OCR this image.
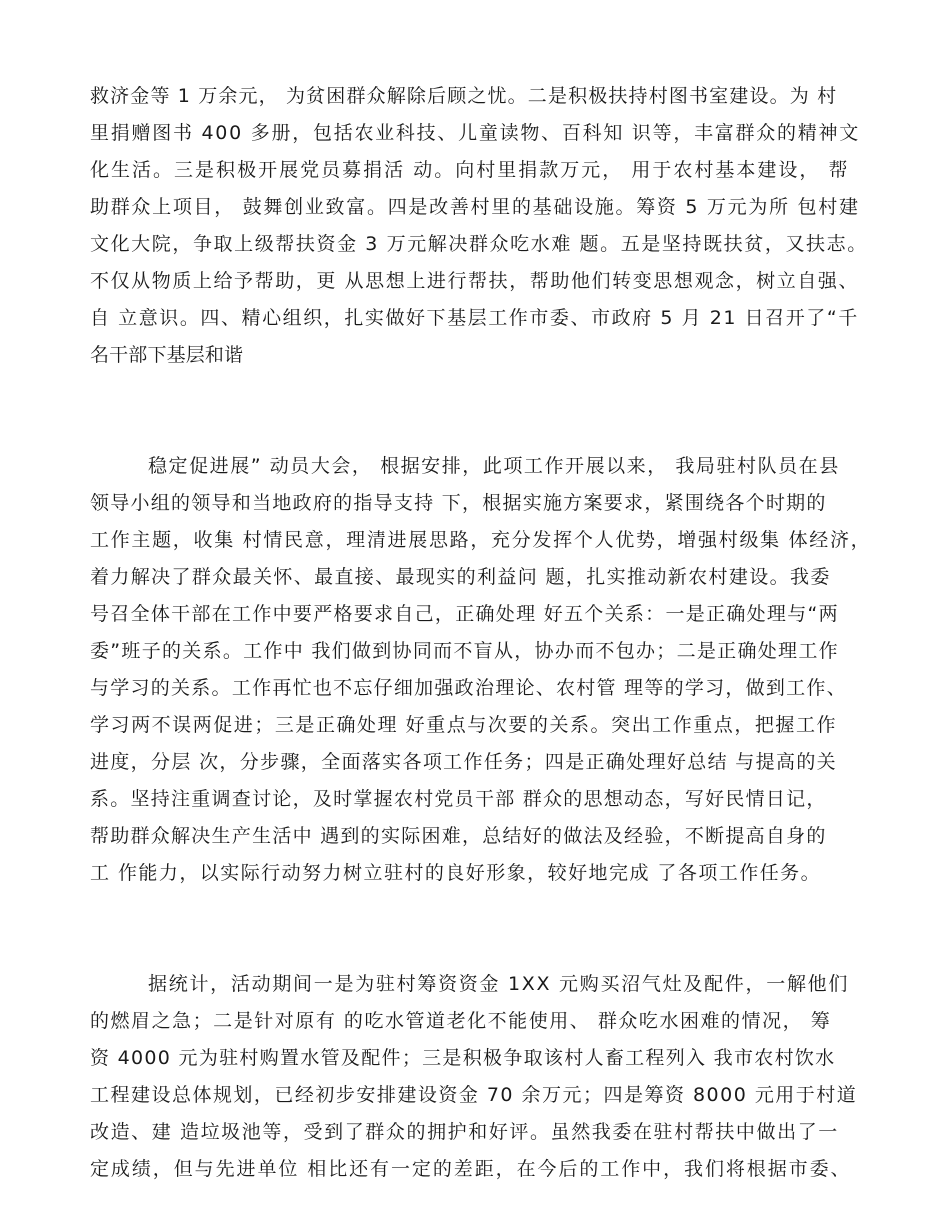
救济金等 1 万余元， 为贫困群众解除后顾之忧。二是积极扶持村图书室建设。为 村
里捐赠图书 400 多册，包括农业科技、儿童读物、百科知 识等，丰富群众的精神文
化生活。三是积极开展党员募捐活 动。向村里捐款万元， 用于农村基本建设， 帮
助群众上项目， 鼓舞创业致富。四是改善村里的基础设施。筹资 5 万元为所 包村建
文化大院，争取上级帮扶资金 3 万元解决群众吃水难 题。五是坚持既扶贫，又扶志。
不仅从物质上给予帮助，更 从思想上进行帮扶，帮助他们转变思想观念，树立自强、
自 立意识。四、精心组织，扎实做好下基层工作市委、市政府 5 月 21 日召开了“千
名干部下基层和谐
稳定促进展” 动员大会， 根据安排，此项工作开展以来， 我局驻村队员在县
领导小组的领导和当地政府的指导支持 下，根据实施方案要求，紧围绕各个时期的
工作主题，收集 村情民意，理清进展思路，充分发挥个人优势，增强村级集 体经济，
着力解决了群众最关怀、最直接、最现实的利益问 题，扎实推动新农村建设。我委
号召全体干部在工作中要严格要求自己，正确处理 好五个关系：一是正确处理与“两
委”班子的关系。工作中 我们做到协同而不盲从，协办而不包办；二是正确处理工作
与学习的关系。工作再忙也不忘仔细加强政治理论、农村管 理等的学习，做到工作、
学习两不误两促进；三是正确处理 好重点与次要的关系。突出工作重点，把握工作
进度，分层 次，分步骤，全面落实各项工作任务；四是正确处理好总结 与提高的关
系。坚持注重调查讨论，及时掌握农村党员干部 群众的思想动态，写好民情日记，
帮助群众解决生产生活中 遇到的实际困难，总结好的做法及经验，不断提高自身的
工 作能力，以实际行动努力树立驻村的良好形象，较好地完成 了各项工作任务。
据统计，活动期间一是为驻村筹资资金 1XX 元购买沼气灶及配件，一解他们
的燃眉之急；二是针对原有 的吃水管道老化不能使用、 群众吃水困难的情况， 筹
资 4000 元为驻村购置水管及配件；三是积极争取该村人畜工程列入 我市农村饮水
工程建设总体规划，已经初步安排建设资金 70 余万元；四是筹资 8000 元用于村道
改造、建 造垃圾池等，受到了群众的拥护和好评。虽然我委在驻村帮扶中做出了一
定成绩，但与先进单位 相比还有一定的差距，在今后的工作中，我们将根据市委、
